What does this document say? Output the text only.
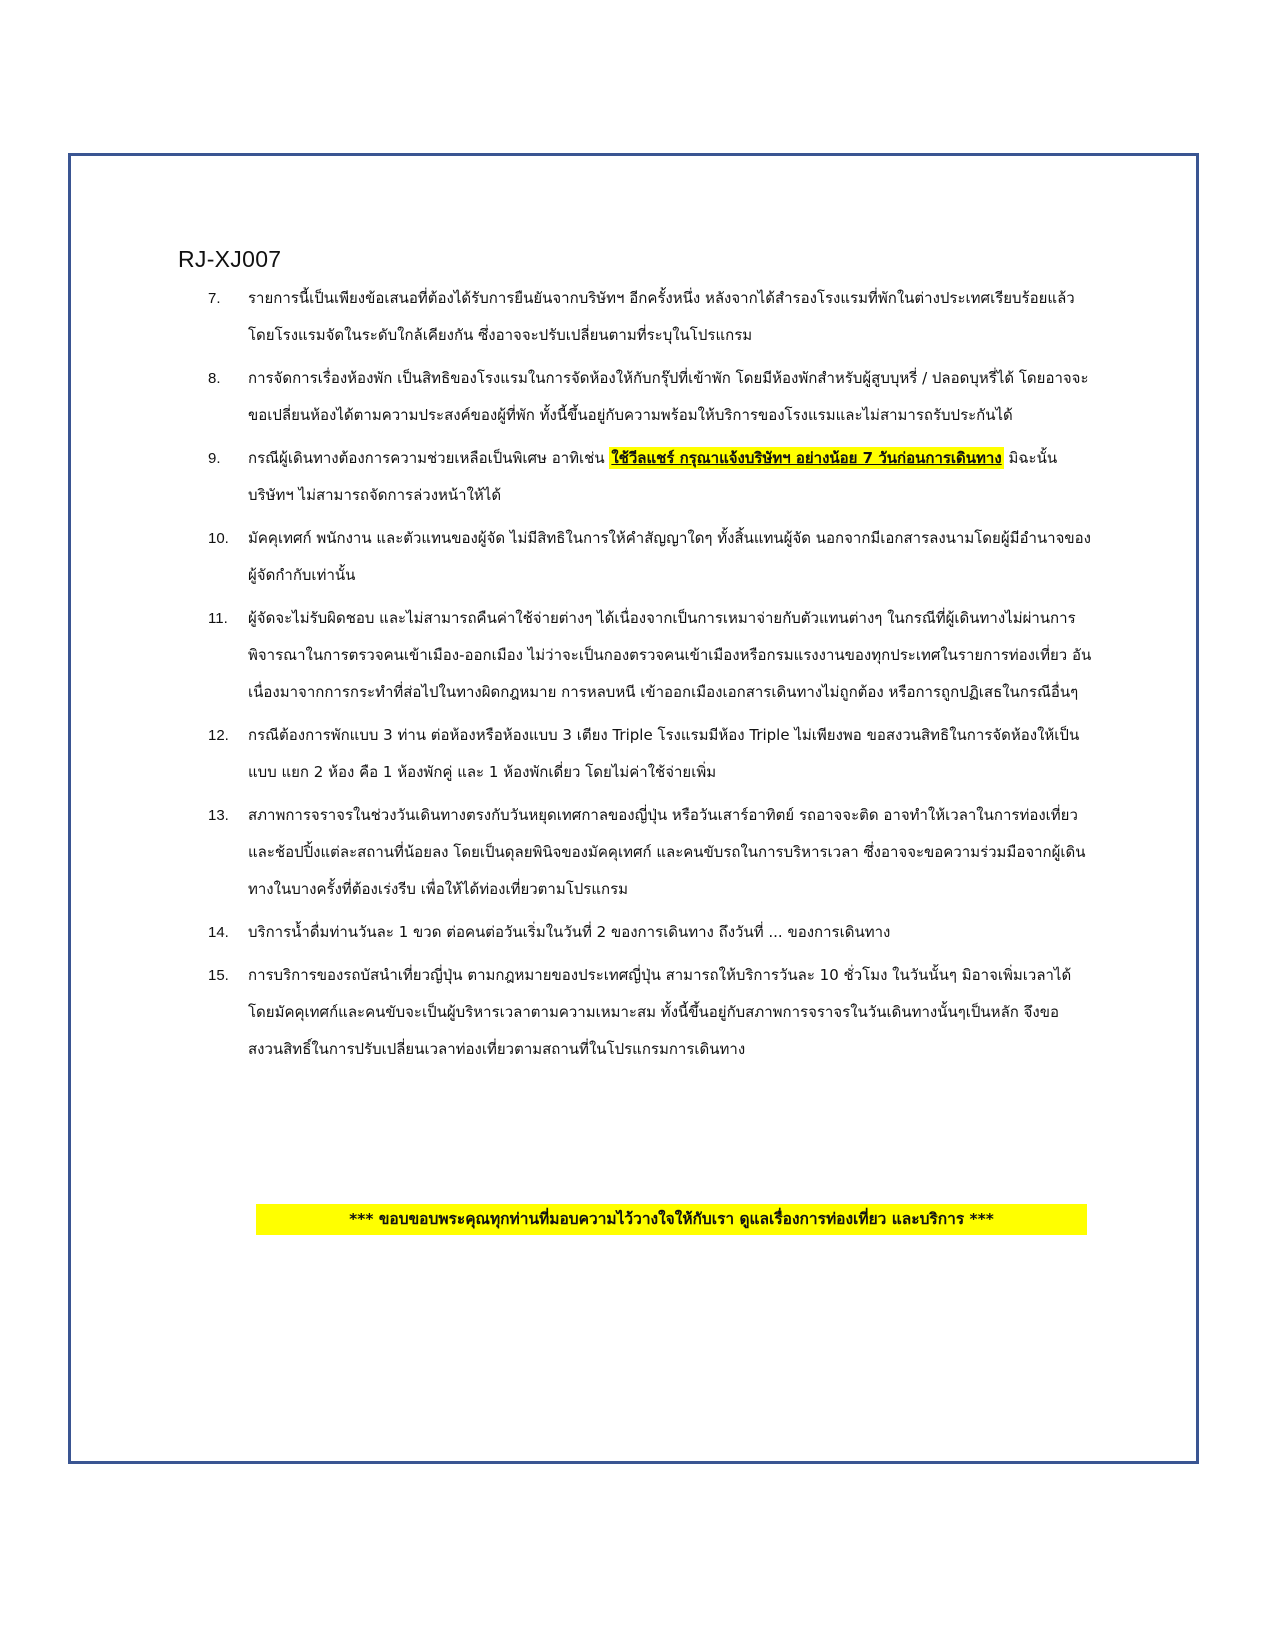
RJ-XJ007
7. รายการนี้เป็นเพียงข้อเสนอที่ต้องได้รับการยืนยันจากบริษัทฯ อีกครั้งหนึ่ง หลังจากได้สำรองโรงแรมที่พักในต่างประเทศเรียบร้อยแล้ว โดยโรงแรมจัดในระดับใกล้เคียงกัน ซึ่งอาจจะปรับเปลี่ยนตามที่ระบุในโปรแกรม
8. การจัดการเรื่องห้องพัก เป็นสิทธิของโรงแรมในการจัดห้องให้กับกรุ๊ปที่เข้าพัก โดยมีห้องพักสำหรับผู้สูบบุหรี่ / ปลอดบุหรี่ได้ โดยอาจจะขอเปลี่ยนห้องได้ตามความประสงค์ของผู้ที่พัก ทั้งนี้ขึ้นอยู่กับความพร้อมให้บริการของโรงแรมและไม่สามารถรับประกันได้
9. กรณีผู้เดินทางต้องการความช่วยเหลือเป็นพิเศษ อาทิเช่น ใช้วีลแชร์ กรุณาแจ้งบริษัทฯ อย่างน้อย 7 วันก่อนการเดินทาง มิฉะนั้นบริษัทฯ ไม่สามารถจัดการล่วงหน้าให้ได้
10. มัคคุเทศก์ พนักงาน และตัวแทนของผู้จัด ไม่มีสิทธิในการให้คำสัญญาใดๆ ทั้งสิ้นแทนผู้จัด นอกจากมีเอกสารลงนามโดยผู้มีอำนาจของผู้จัดกำกับเท่านั้น
11. ผู้จัดจะไม่รับผิดชอบ และไม่สามารถคืนค่าใช้จ่ายต่างๆ ได้เนื่องจากเป็นการเหมาจ่ายกับตัวแทนต่างๆ ในกรณีที่ผู้เดินทางไม่ผ่านการพิจารณาในการตรวจคนเข้าเมือง-ออกเมือง ไม่ว่าจะเป็นกองตรวจคนเข้าเมืองหรือกรมแรงงานของทุกประเทศในรายการท่องเที่ยว อันเนื่องมาจากการกระทำที่ส่อไปในทางผิดกฎหมาย การหลบหนี เข้าออกเมืองเอกสารเดินทางไม่ถูกต้อง หรือการถูกปฏิเสธในกรณีอื่นๆ
12. กรณีต้องการพักแบบ 3 ท่าน ต่อห้องหรือห้องแบบ 3 เตียง Triple โรงแรมมีห้อง Triple ไม่เพียงพอ ขอสงวนสิทธิในการจัดห้องให้เป็นแบบ แยก 2 ห้อง คือ 1 ห้องพักคู่ และ 1 ห้องพักเดี่ยว โดยไม่ค่าใช้จ่ายเพิ่ม
13. สภาพการจราจรในช่วงวันเดินทางตรงกับวันหยุดเทศกาลของญี่ปุ่น หรือวันเสาร์อาทิตย์ รถอาจจะติด อาจทำให้เวลาในการท่องเที่ยว และช้อปปิ้งแต่ละสถานที่น้อยลง โดยเป็นดุลยพินิจของมัคคุเทศก์ และคนขับรถในการบริหารเวลา ซึ่งอาจจะขอความร่วมมือจากผู้เดินทางในบางครั้งที่ต้องเร่งรีบ เพื่อให้ได้ท่องเที่ยวตามโปรแกรม
14. บริการน้ำดื่มท่านวันละ 1 ขวด ต่อคนต่อวันเริ่มในวันที่ 2 ของการเดินทาง ถึงวันที่ ... ของการเดินทาง
15. การบริการของรถบัสนำเที่ยวญี่ปุ่น ตามกฎหมายของประเทศญี่ปุ่น สามารถให้บริการวันละ 10 ชั่วโมง ในวันนั้นๆ มิอาจเพิ่มเวลาได้ โดยมัคคุเทศก์และคนขับจะเป็นผู้บริหารเวลาตามความเหมาะสม ทั้งนี้ขึ้นอยู่กับสภาพการจราจรในวันเดินทางนั้นๆเป็นหลัก จึงขอสงวนสิทธิ์ในการปรับเปลี่ยนเวลาท่องเที่ยวตามสถานที่ในโปรแกรมการเดินทาง
*** ขอบขอบพระคุณทุกท่านที่มอบความไว้วางใจให้กับเรา ดูแลเรื่องการท่องเที่ยว และบริการ ***
